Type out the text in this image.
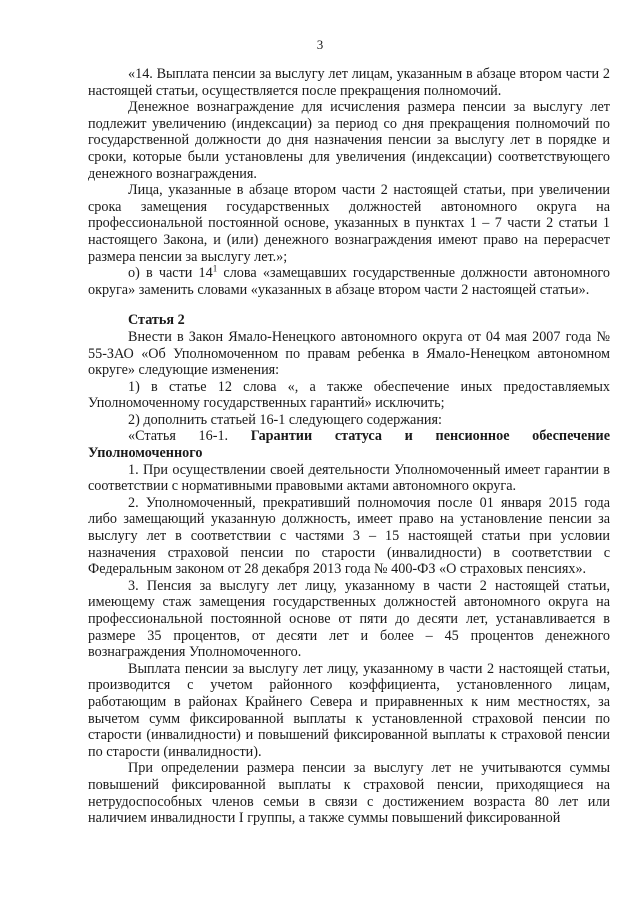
3

«14. Выплата пенсии за выслугу лет лицам, указанным в абзаце втором части 2 настоящей статьи, осуществляется после прекращения полномочий.

Денежное вознаграждение для исчисления размера пенсии за выслугу лет подлежит увеличению (индексации) за период со дня прекращения полномочий по государственной должности до дня назначения пенсии за выслугу лет в порядке и сроки, которые были установлены для увеличения (индексации) соответствующего денежного вознаграждения.

Лица, указанные в абзаце втором части 2 настоящей статьи, при увеличении срока замещения государственных должностей автономного округа на профессиональной постоянной основе, указанных в пунктах 1 – 7 части 2 статьи 1 настоящего Закона, и (или) денежного вознаграждения имеют право на перерасчет размера пенсии за выслугу лет.»;

о) в части $14^1$ слова «замещавших государственные должности автономного округа» заменить словами «указанных в абзаце втором части 2 настоящей статьи».

Статья 2

Внести в Закон Ямало-Ненецкого автономного округа от 04 мая 2007 года № 55-ЗАО «Об Уполномоченном по правам ребенка в Ямало-Ненецком автономном округе» следующие изменения:

1) в статье 12 слова «, а также обеспечение иных предоставляемых Уполномоченному государственных гарантий» исключить;

2) дополнить статьей 16-1 следующего содержания:

«Статья 16-1. Гарантии статуса и пенсионное обеспечение Уполномоченного

1. При осуществлении своей деятельности Уполномоченный имеет гарантии в соответствии с нормативными правовыми актами автономного округа.

2. Уполномоченный, прекративший полномочия после 01 января 2015 года либо замещающий указанную должность, имеет право на установление пенсии за выслугу лет в соответствии с частями 3 – 15 настоящей статьи при условии назначения страховой пенсии по старости (инвалидности) в соответствии с Федеральным законом от 28 декабря 2013 года № 400-ФЗ «О страховых пенсиях».

3. Пенсия за выслугу лет лицу, указанному в части 2 настоящей статьи, имеющему стаж замещения государственных должностей автономного округа на профессиональной постоянной основе от пяти до десяти лет, устанавливается в размере 35 процентов, от десяти лет и более – 45 процентов денежного вознаграждения Уполномоченного.

Выплата пенсии за выслугу лет лицу, указанному в части 2 настоящей статьи, производится с учетом районного коэффициента, установленного лицам, работающим в районах Крайнего Севера и приравненных к ним местностях, за вычетом сумм фиксированной выплаты к установленной страховой пенсии по старости (инвалидности) и повышений фиксированной выплаты к страховой пенсии по старости (инвалидности).

При определении размера пенсии за выслугу лет не учитываются суммы повышений фиксированной выплаты к страховой пенсии, приходящиеся на нетрудоспособных членов семьи в связи с достижением возраста 80 лет или наличием инвалидности I группы, а также суммы повышений фиксированной
